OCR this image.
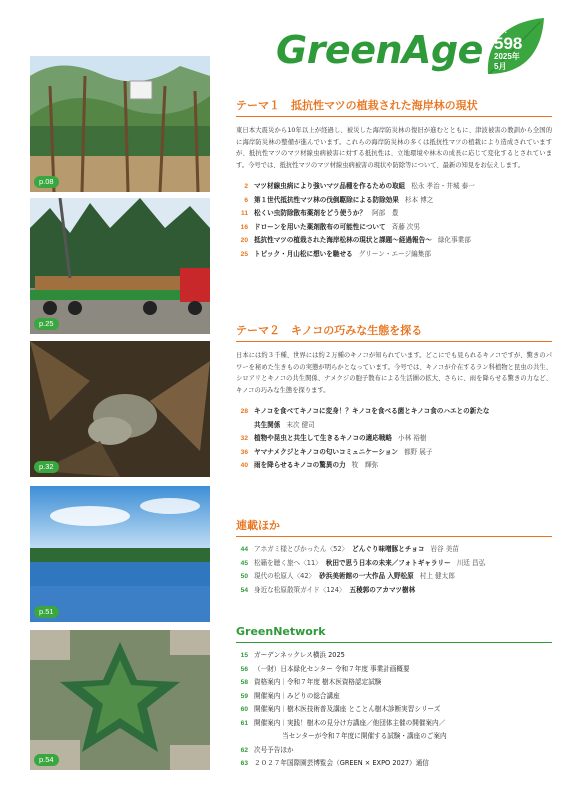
GreenAge No.
598
2025年
5月
p.08
p.25
p.32
p.51
p.54
テーマ１　抵抗性マツの植栽された海岸林の現状

東日本大震災から10年以上が経過し、被災した海岸防災林の復旧が進むとともに、津波被害の教訓から全国的に海岸防災林の整備が進んでいます。これらの海岸防災林の多くは抵抗性マツの植栽により造成されていますが、抵抗性マツのマツ材線虫病被害に対する抵抗性は、立地環境や林木の成長に応じて変化するとされています。今号では、抵抗性マツのマツ材線虫病被害の現状や防除等について、最新の知見をお伝えします。

2 マツ材線虫病により強いマツ品種を作るための取組 松永 孝治・井城 泰一
6 第１世代抵抗性マツ林の伐倒駆除による防除効果 杉本 博之
11 松くい虫防除散布薬剤をどう使うか？ 阿部　豊
16 ドローンを用いた薬剤散布の可能性について 斉藤 次男
20 抵抗性マツの植栽された海岸松林の現状と課題～経過報告～ 緑化事業部
25 トピック・月山松に想いを馳せる グリーン・エージ編集部
テーマ２　キノコの巧みな生態を探る

日本には約３千種、世界には約２万種のキノコが知られています。どこにでも見られるキノコですが、驚きのパワーを秘めた生きものの実態が明らかとなっています。今号では、キノコが介在するラン科植物と昆虫の共生、シロアリとキノコの共生関係、ナメクジの胞子散布による生活圏の拡大、さらに、雨を降らせる驚きの力など、キノコの巧みな生態を探ります。

28 キノコを食べてキノコに変身！？キノコを食べる菌とキノコ食のハエとの新たな
共生関係 末次 健司
32 植物や昆虫と共生して生きるキノコの適応戦略 小林 裕樹
36 ヤマナメクジとキノコの匂いコミュニケーション 都野 展子
40 雨を降らせるキノコの驚異の力 牧　輝弥
連載ほか
44 アホガミ様とぴかったん〈52〉 どんぐり味噌豚とチョコ 岩谷 美苗
45 松籟を聴く旅へ〈11〉 秋田で思う日本の未来／フォトギャラリー 川廷 昌弘
50 現代の松原人〈42〉 砂浜美術館の一大作品 入野松原 村上 健太郎
54 身近な松原散策ガイド〈124〉 五稜郭のアカマツ樹林
GreenNetwork
15 ガーデンネックレス横浜 2025
56 （一財）日本緑化センター 令和７年度 事業計画概要
58 資格案内｜令和７年度 樹木医資格認定試験
59 開催案内｜みどりの総合講座
60 開催案内｜樹木医技術普及講座 とことん樹木診断実習シリーズ
61 開催案内｜実践！樹木の見分け方講座／他団体主催の開催案内／
当センターが令和７年度に開催する試験・講座のご案内
62 次号予告ほか
63 ２０２７年国際園芸博覧会（GREEN × EXPO 2027）通信
